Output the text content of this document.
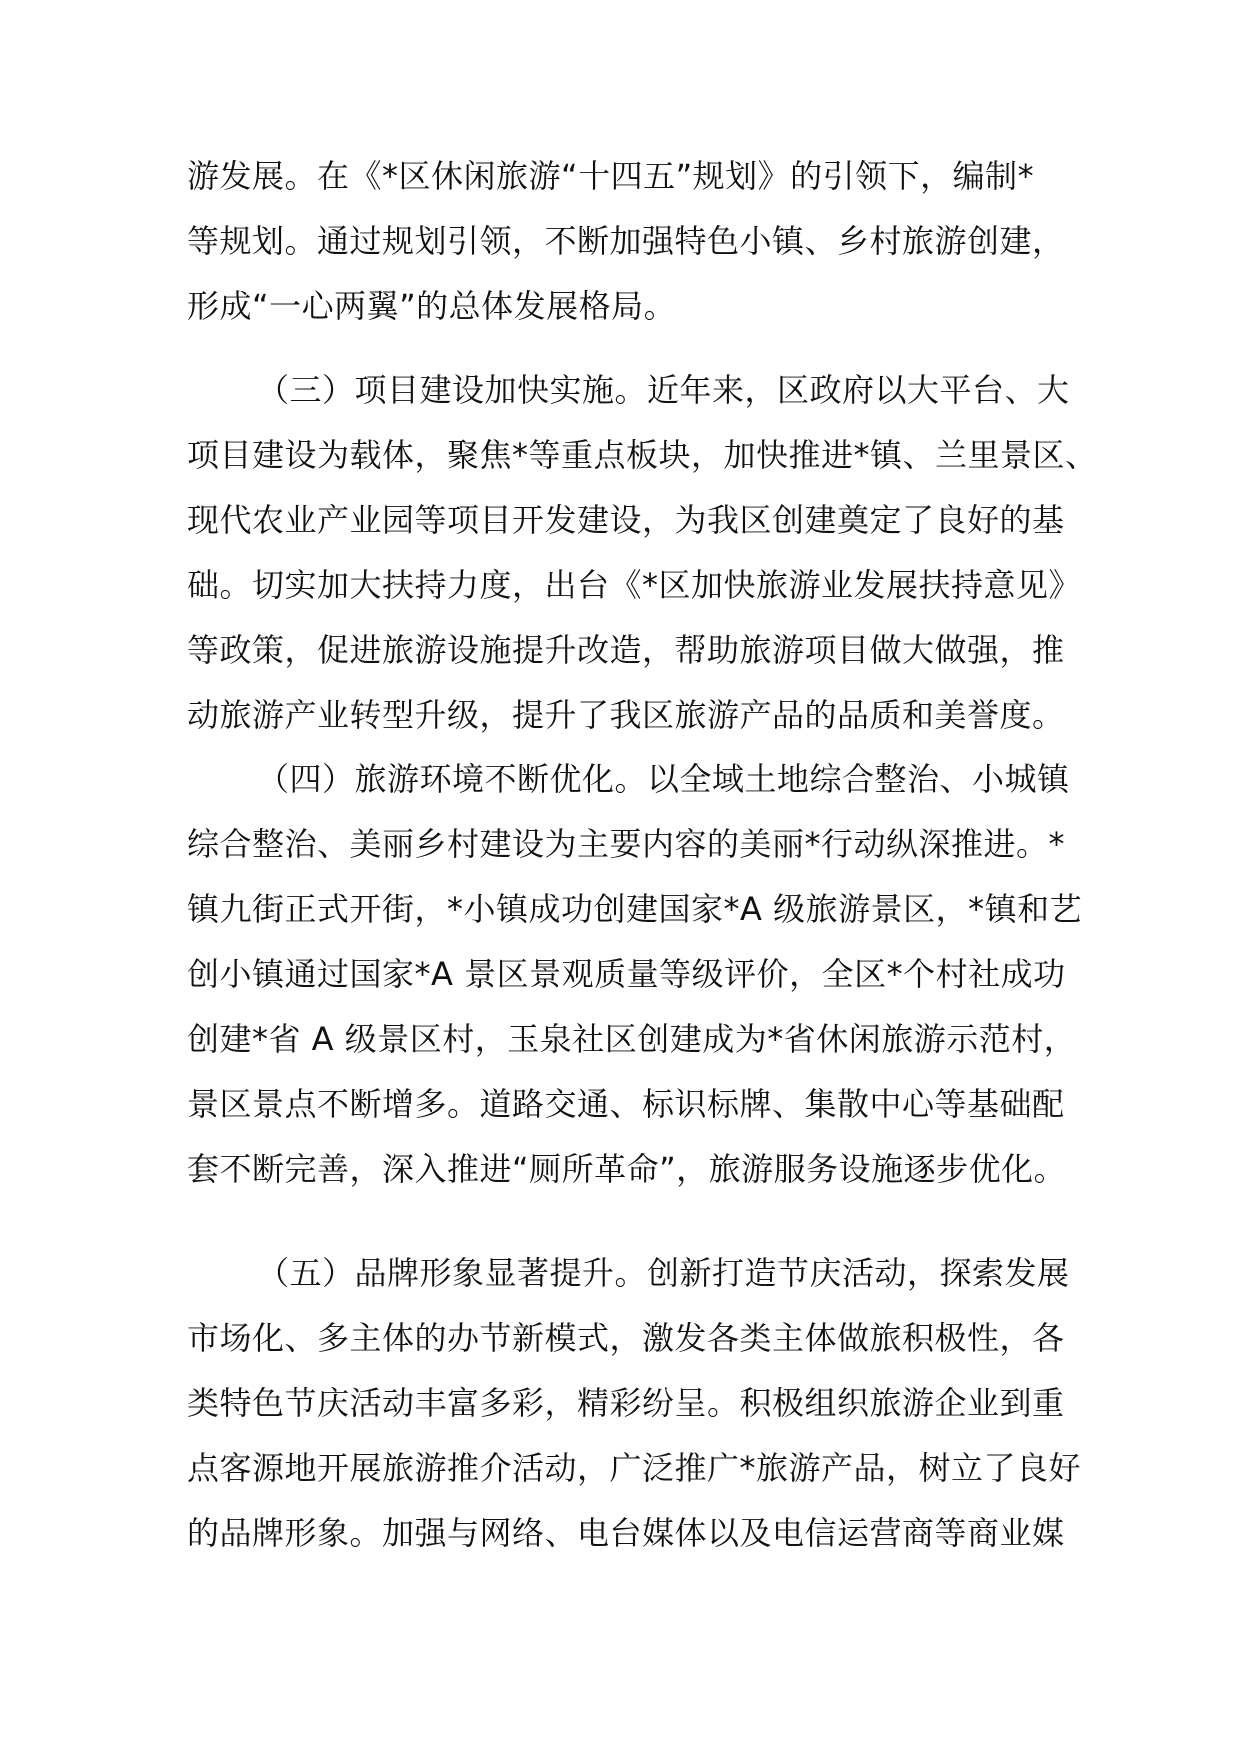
游发展。在《*区休闲旅游“十四五”规划》的引领下，编制*
等规划。通过规划引领，不断加强特色小镇、乡村旅游创建，
形成“一心两翼”的总体发展格局。
（三）项目建设加快实施。近年来，区政府以大平台、大
项目建设为载体，聚焦*等重点板块，加快推进*镇、兰里景区、
现代农业产业园等项目开发建设，为我区创建奠定了良好的基
础。切实加大扶持力度，出台《*区加快旅游业发展扶持意见》
等政策，促进旅游设施提升改造，帮助旅游项目做大做强，推
动旅游产业转型升级，提升了我区旅游产品的品质和美誉度。
（四）旅游环境不断优化。以全域土地综合整治、小城镇
综合整治、美丽乡村建设为主要内容的美丽*行动纵深推进。*
镇九街正式开街，*小镇成功创建国家*A 级旅游景区，*镇和艺
创小镇通过国家*A 景区景观质量等级评价，全区*个村社成功
创建*省 A 级景区村，玉泉社区创建成为*省休闲旅游示范村，
景区景点不断增多。道路交通、标识标牌、集散中心等基础配
套不断完善，深入推进“厕所革命”，旅游服务设施逐步优化。
（五）品牌形象显著提升。创新打造节庆活动，探索发展
市场化、多主体的办节新模式，激发各类主体做旅积极性，各
类特色节庆活动丰富多彩，精彩纷呈。积极组织旅游企业到重
点客源地开展旅游推介活动，广泛推广*旅游产品，树立了良好
的品牌形象。加强与网络、电台媒体以及电信运营商等商业媒
